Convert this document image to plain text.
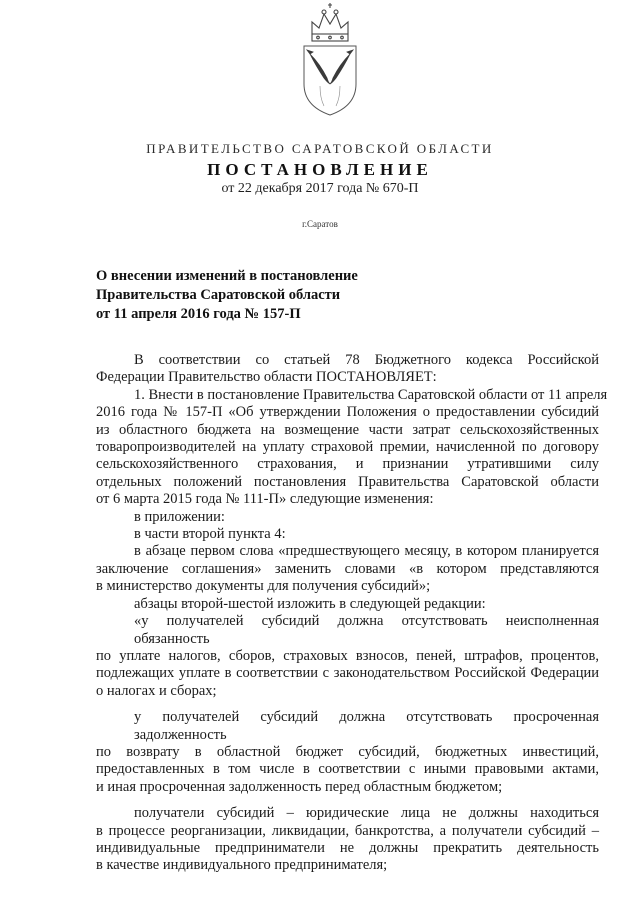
ПРАВИТЕЛЬСТВО САРАТОВСКОЙ ОБЛАСТИ
ПОСТАНОВЛЕНИЕ
от 22 декабря 2017 года № 670-П
г.Саратов
О внесении изменений в постановление
Правительства Саратовской области
от 11 апреля 2016 года № 157-П
В соответствии со статьей 78 Бюджетного кодекса Российской
Федерации Правительство области ПОСТАНОВЛЯЕТ:
1. Внести в постановление Правительства Саратовской области от 11 апреля
2016 года № 157-П «Об утверждении Положения о предоставлении субсидий
из областного бюджета на возмещение части затрат сельскохозяйственных
товаропроизводителей на уплату страховой премии, начисленной по договору
сельскохозяйственного страхования, и признании утратившими силу
отдельных положений постановления Правительства Саратовской области
от 6 марта 2015 года № 111-П» следующие изменения:
в приложении:
в части второй пункта 4:
в абзаце первом слова «предшествующего месяцу, в котором планируется
заключение соглашения» заменить словами «в котором представляются
в министерство документы для получения субсидий»;
абзацы второй-шестой изложить в следующей редакции:
«у получателей субсидий должна отсутствовать неисполненная обязанность
по уплате налогов, сборов, страховых взносов, пеней, штрафов, процентов,
подлежащих уплате в соответствии с законодательством Российской Федерации
о налогах и сборах;
у получателей субсидий должна отсутствовать просроченная задолженность
по возврату в областной бюджет субсидий, бюджетных инвестиций,
предоставленных в том числе в соответствии с иными правовыми актами,
и иная просроченная задолженность перед областным бюджетом;
получатели субсидий – юридические лица не должны находиться
в процессе реорганизации, ликвидации, банкротства, а получатели субсидий –
индивидуальные предприниматели не должны прекратить деятельность
в качестве индивидуального предпринимателя;
